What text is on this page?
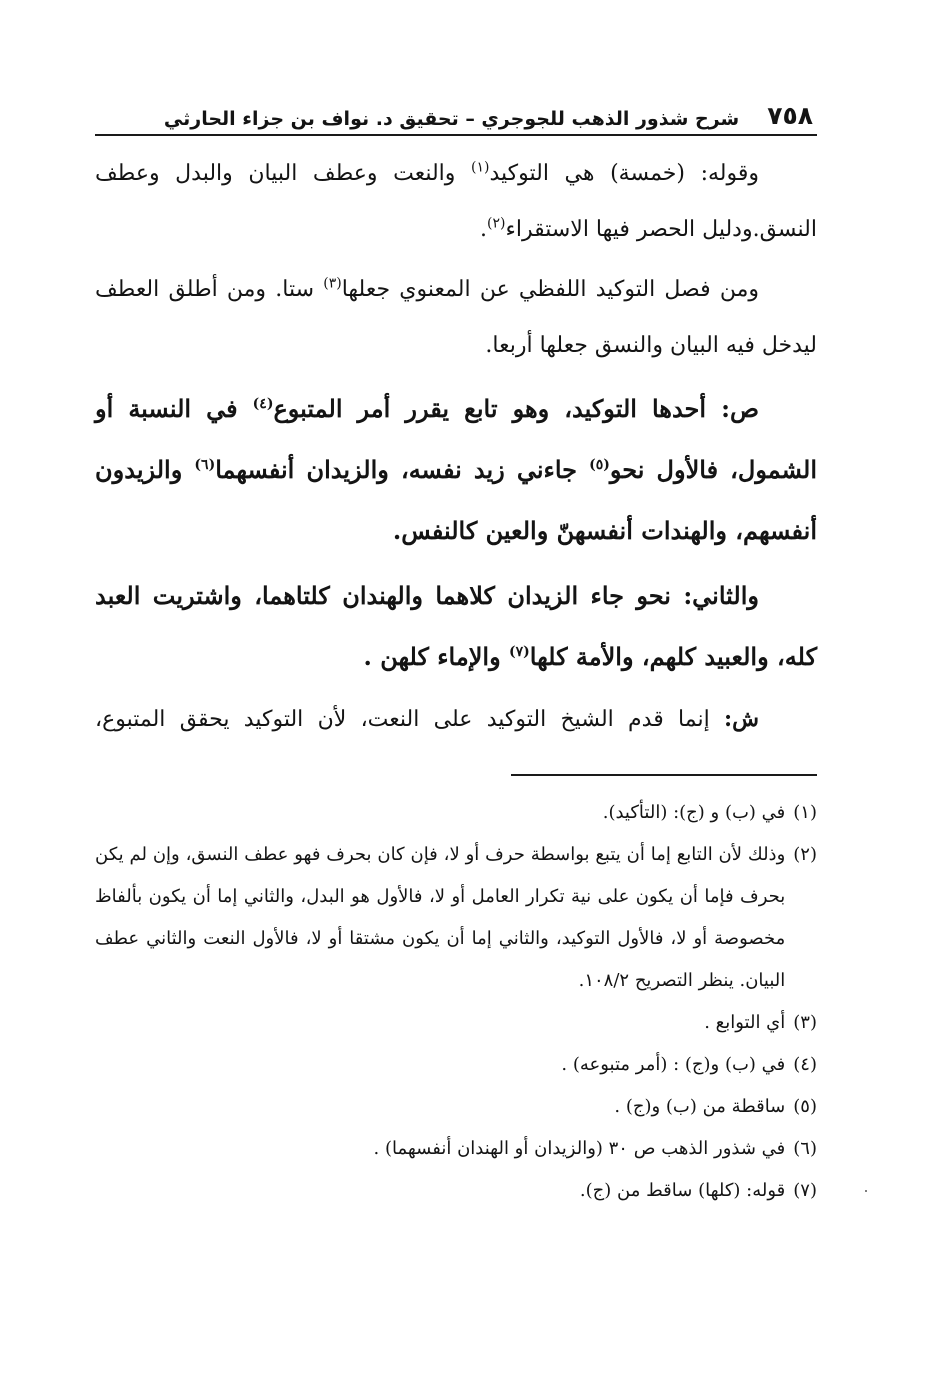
٧٥٨
شرح شذور الذهب للجوجري – تحقيق د. نواف بن جزاء الحارثي

وقوله: (خمسة) هي التوكيد$^{(١)}$ والنعت وعطف البيان والبدل وعطف النسق.ودليل الحصر فيها الاستقراء$^{(٢)}$.

ومن فصل التوكيد اللفظي عن المعنوي جعلها$^{(٣)}$ ستا. ومن أطلق العطف ليدخل فيه البيان والنسق جعلها أربعا.

ص: أحدها التوكيد، وهو تابع يقرر أمر المتبوع$^{(٤)}$ في النسبة أو الشمول، فالأول نحو$^{(٥)}$ جاءني زيد نفسه، والزيدان أنفسهما$^{(٦)}$ والزيدون أنفسهم، والهندات أنفسهنّ والعين كالنفس.

والثاني: نحو جاء الزيدان كلاهما والهندان كلتاهما، واشتريت العبد كله، والعبيد كلهم، والأمة كلها$^{(٧)}$ والإماء كلهن .

ش: إنما قدم الشيخ التوكيد على النعت، لأن التوكيد يحقق المتبوع،

(١)
في (ب) و (ج): (التأكيد).
(٢)
وذلك لأن التابع إما أن يتبع بواسطة حرف أو لا، فإن كان بحرف فهو عطف النسق، وإن لم يكن بحرف فإما أن يكون على نية تكرار العامل أو لا، فالأول هو البدل، والثاني إما أن يكون بألفاظ مخصوصة أو لا، فالأول التوكيد، والثاني إما أن يكون مشتقا أو لا، فالأول النعت والثاني عطف البيان. ينظر التصريح ١٠٨/٢.
(٣)
أي التوابع .
(٤)
في (ب) و(ج) : (أمر متبوعه) .
(٥)
ساقطة من (ب) و(ج) .
(٦)
في شذور الذهب ص ٣٠ (والزيدان أو الهندان أنفسهما) .
(٧)
قوله: (كلها) ساقط من (ج).
